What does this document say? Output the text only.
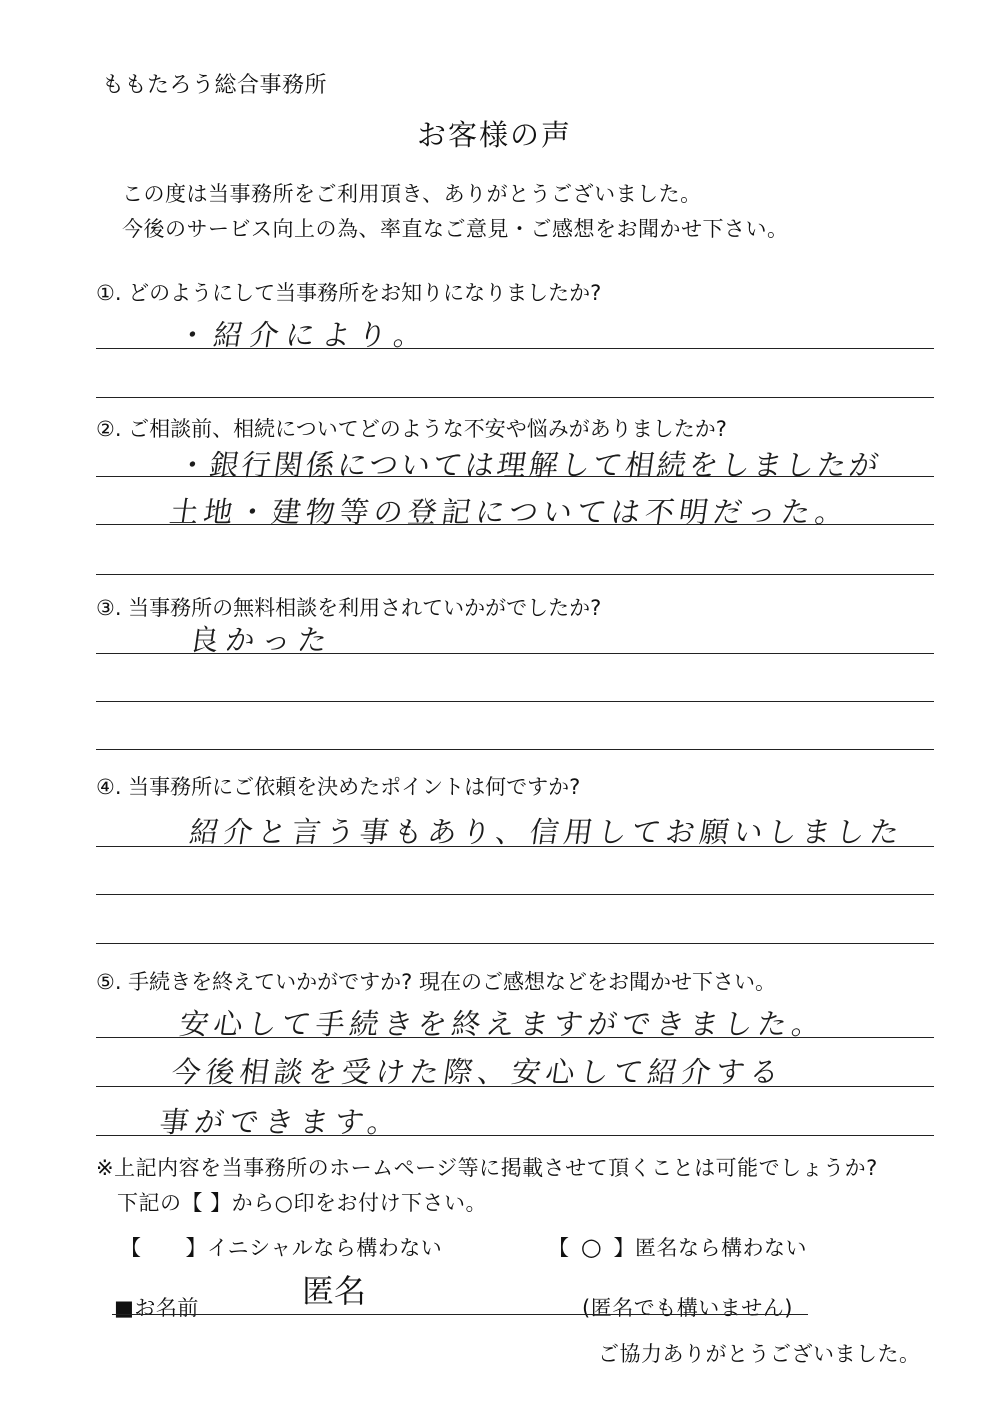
ももたろう総合事務所
お客様の声
この度は当事務所をご利用頂き、ありがとうございました。
今後のサービス向上の為、率直なご意見・ご感想をお聞かせ下さい。
①. どのようにして当事務所をお知りになりましたか?
・紹介により。
②. ご相談前、相続についてどのような不安や悩みがありましたか?
・銀行関係については理解して相続をしましたが
土地・建物等の登記については不明だった。
③. 当事務所の無料相談を利用されていかがでしたか?
良かった
④. 当事務所にご依頼を決めたポイントは何ですか?
紹介と言う事もあり、信用してお願いしました
⑤. 手続きを終えていかがですか? 現在のご感想などをお聞かせ下さい。
安心して手続きを終えますができました。
今後相談を受けた際、安心して紹介する
事ができます。
※上記内容を当事務所のホームページ等に掲載させて頂くことは可能でしょうか?
下記の【 】から○印をお付け下さい。
【 】イニシャルなら構わない	【 ○ 】匿名なら構わない
■お名前	匿名	(匿名でも構いません)
ご協力ありがとうございました。
